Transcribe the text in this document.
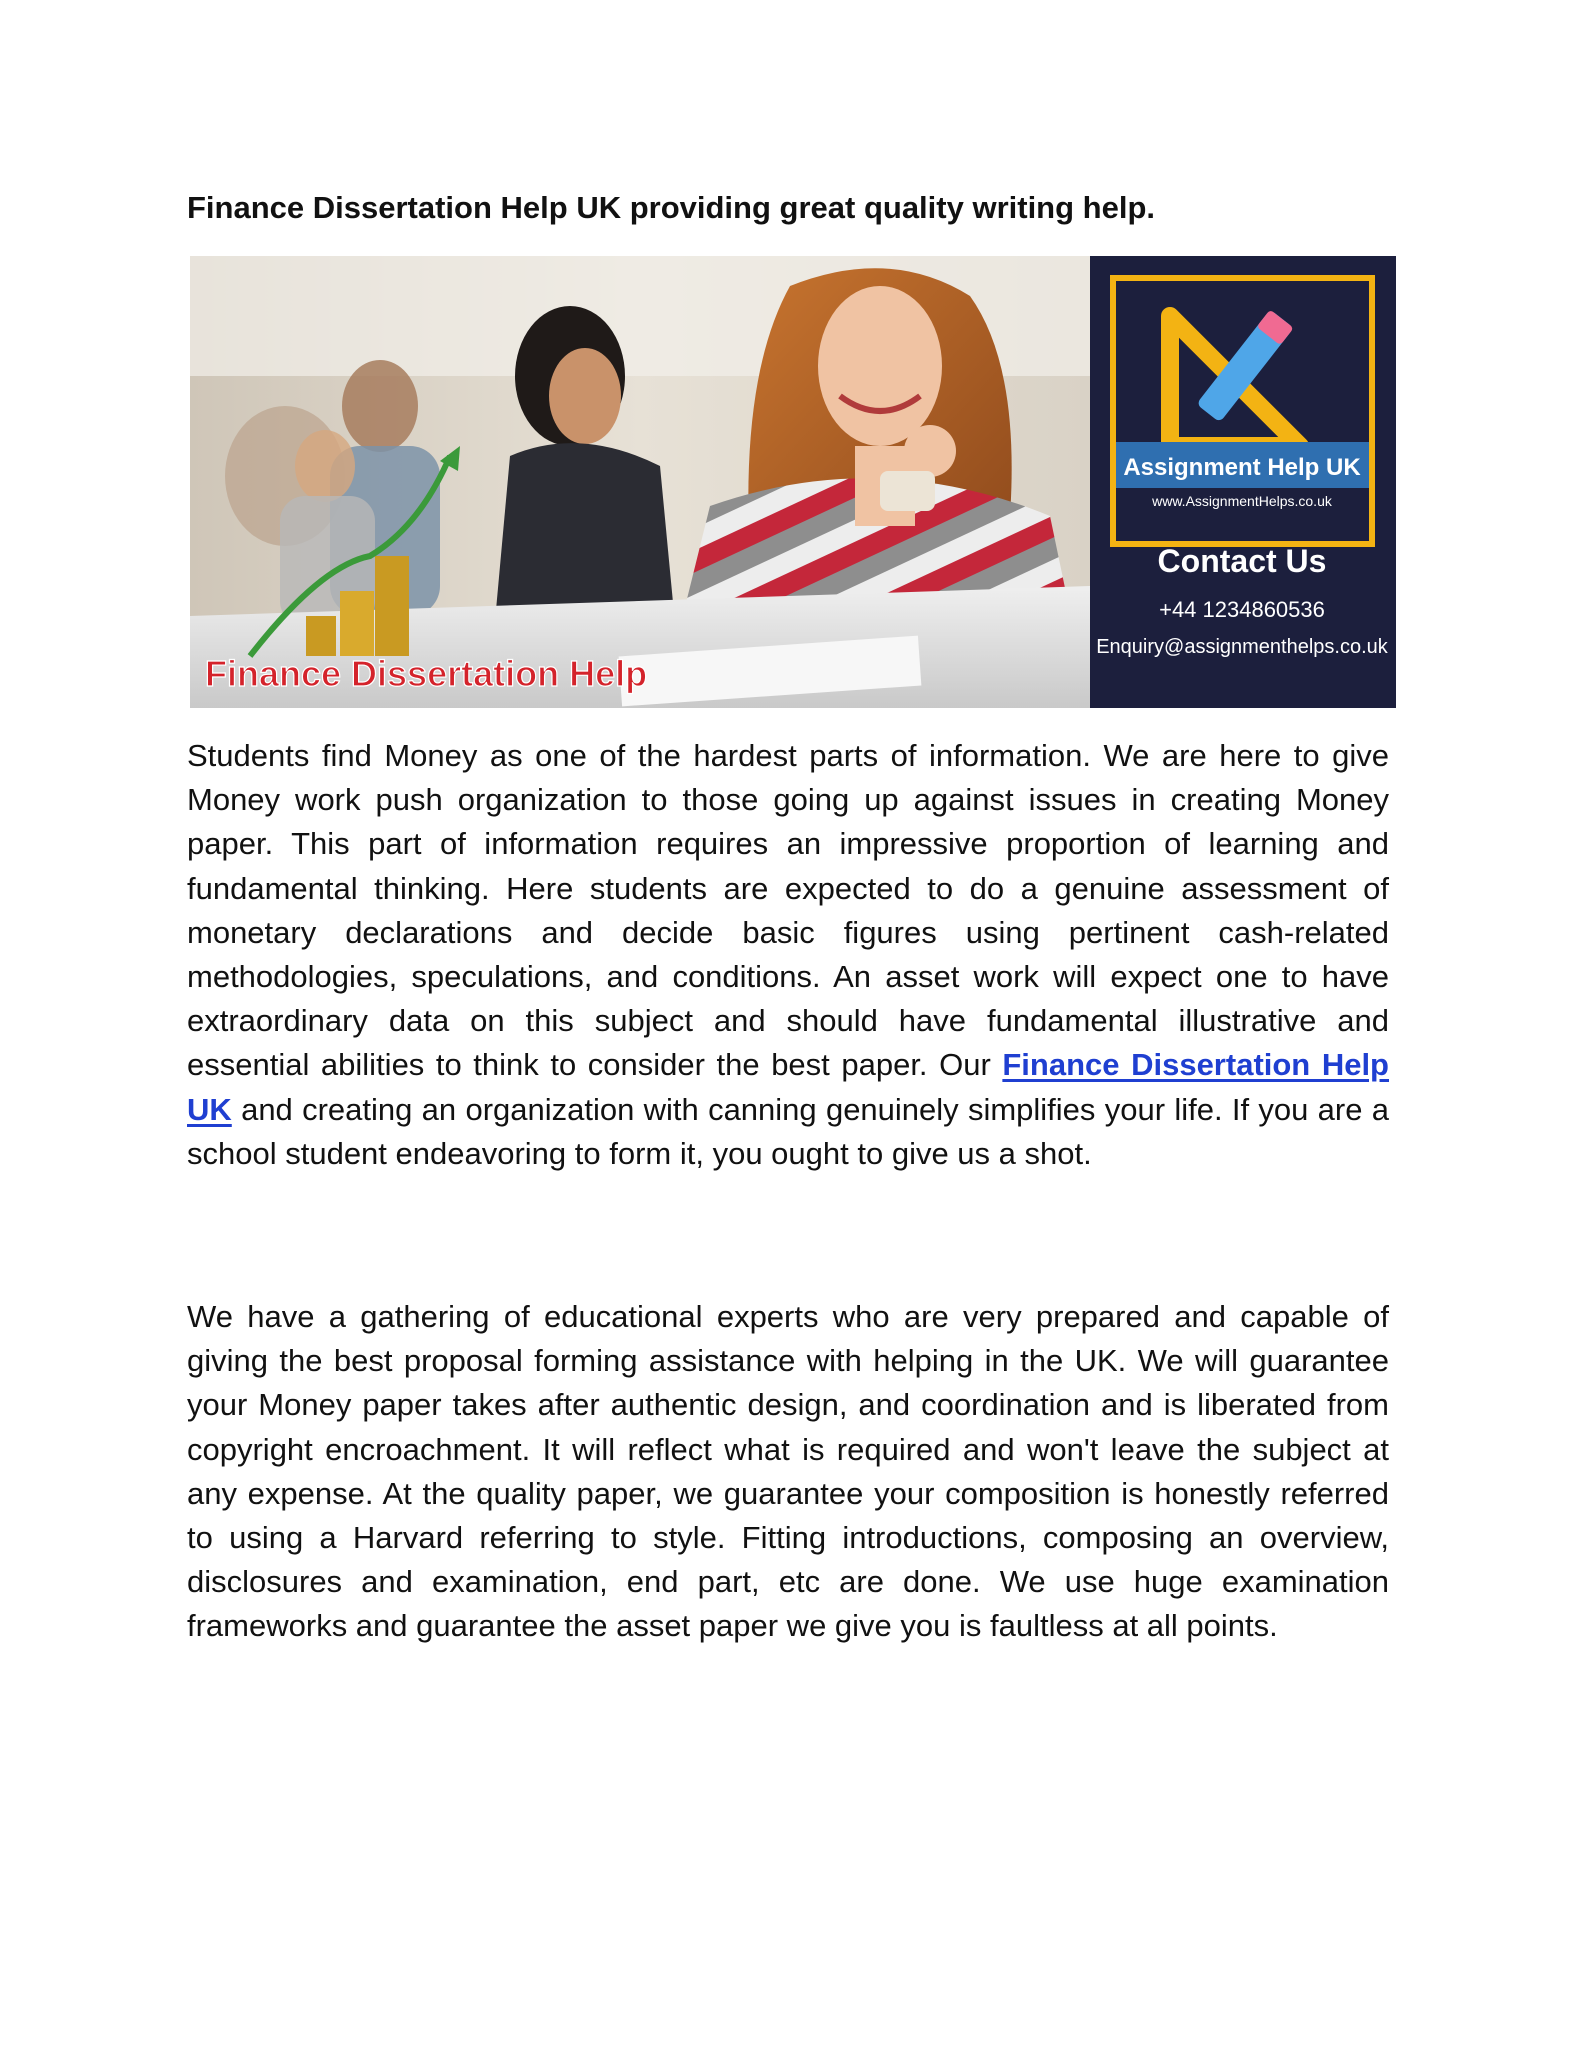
Finance Dissertation Help UK providing great quality writing help.
Finance Dissertation Help
Assignment Help UK
www.AssignmentHelps.co.uk
Contact Us
+44 1234860536
Enquiry@assignmenthelps.co.uk

Students find Money as one of the hardest parts of information. We are here to give Money work push organization to those going up against issues in creating Money paper. This part of information requires an impressive proportion of learning and fundamental thinking. Here students are expected to do a genuine assessment of monetary declarations and decide basic figures using pertinent cash-related methodologies, speculations, and conditions. An asset work will expect one to have extraordinary data on this subject and should have fundamental illustrative and essential abilities to think to consider the best paper. Our Finance Dissertation Help UK and creating an organization with canning genuinely simplifies your life. If you are a school student endeavoring to form it, you ought to give us a shot.

We have a gathering of educational experts who are very prepared and capable of giving the best proposal forming assistance with helping in the UK. We will guarantee your Money paper takes after authentic design, and coordination and is liberated from copyright encroachment. It will reflect what is required and won't leave the subject at any expense. At the quality paper, we guarantee your composition is honestly referred to using a Harvard referring to style. Fitting introductions, composing an overview, disclosures and examination, end part, etc are done. We use huge examination frameworks and guarantee the asset paper we give you is faultless at all points.
